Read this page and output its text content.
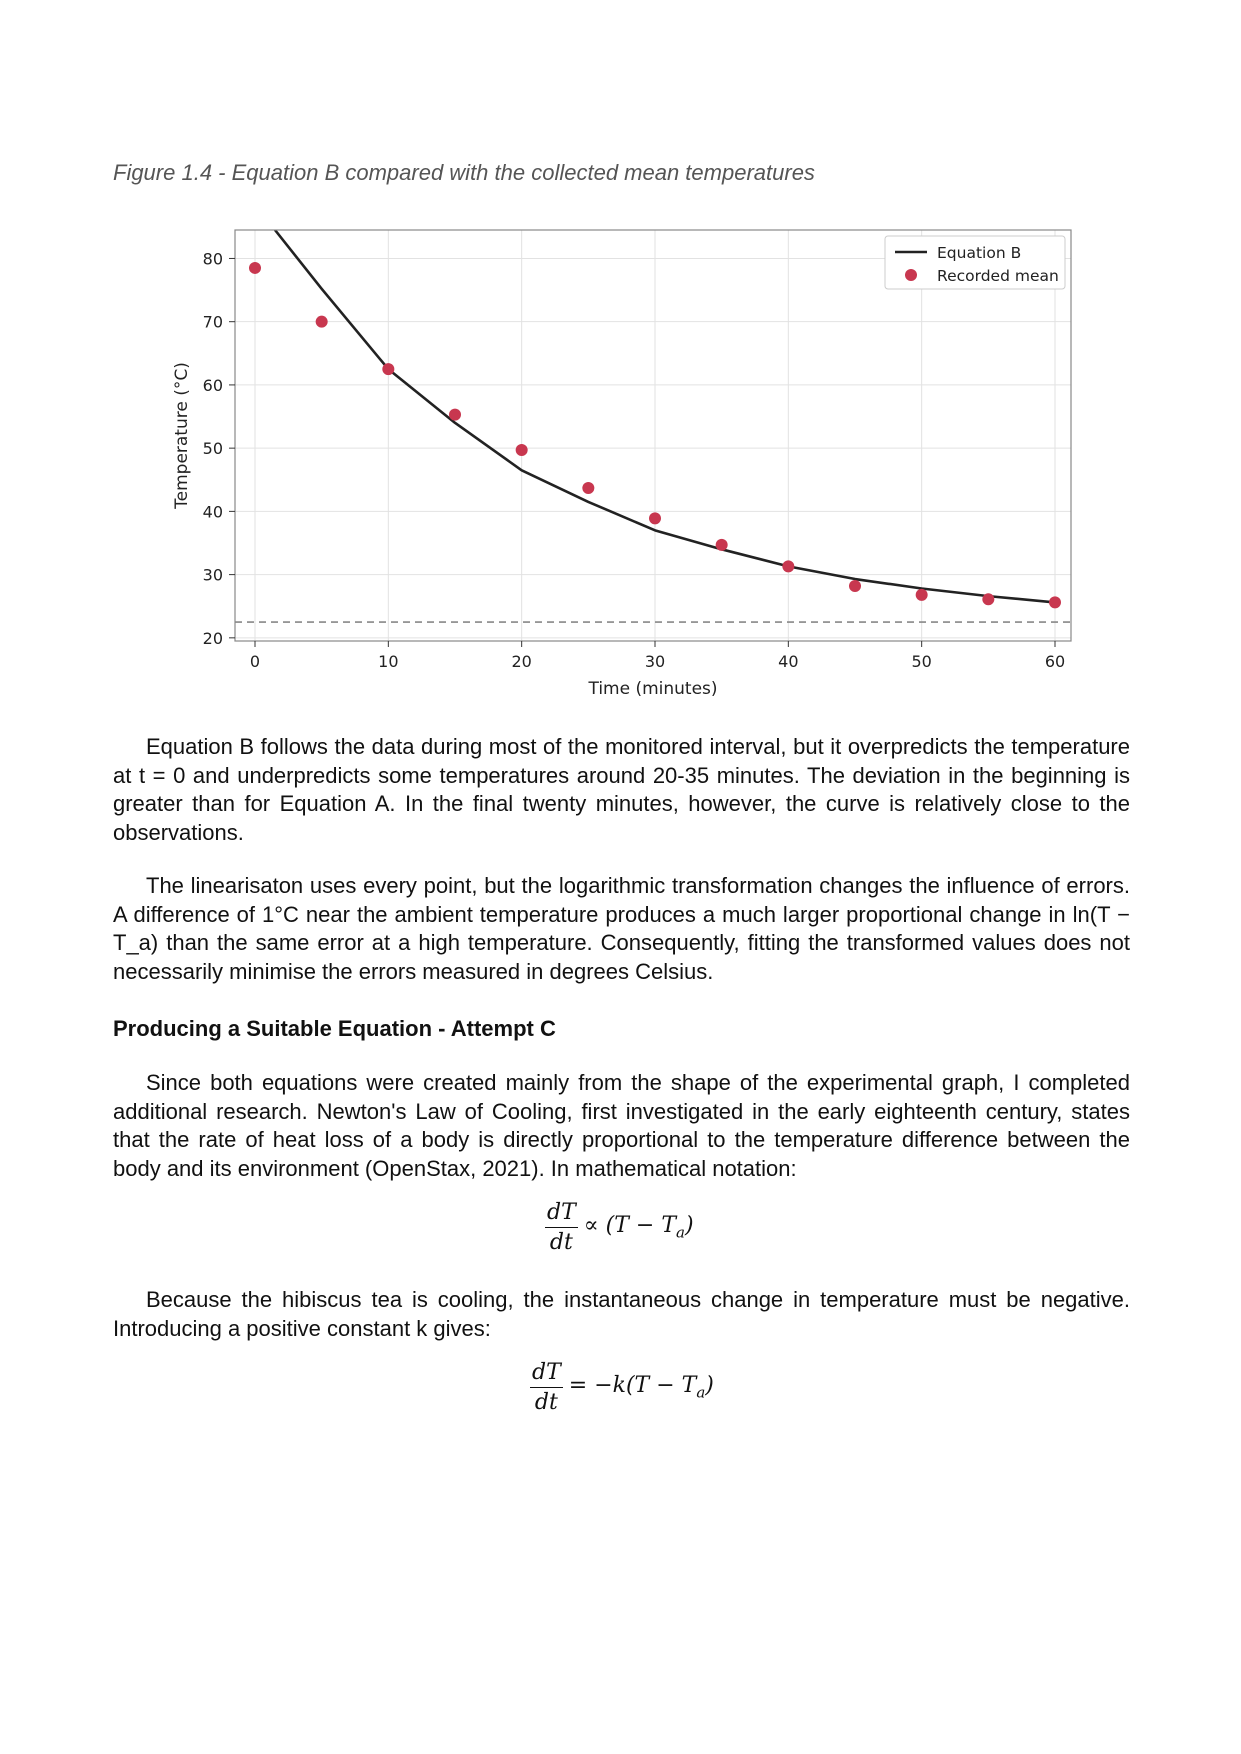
Figure 1.4 - Equation B compared with the collected mean temperatures
0	10	20	30	40	50	60
20
30
40
50
60
70
80
Time (minutes)
Temperature (°C)
Equation B
Recorded mean

Equation B follows the data during most of the monitored interval, but it overpredicts the temperature at t = 0 and underpredicts some temperatures around 20-35 minutes. The deviation in the beginning is greater than for Equation A. In the final twenty minutes, however, the curve is relatively close to the observations.

The linearisaton uses every point, but the logarithmic transformation changes the influence of errors. A difference of 1°C near the ambient temperature produces a much larger proportional change in ln(T − T_a) than the same error at a high temperature. Consequently, fitting the transformed values does not necessarily minimise the errors measured in degrees Celsius.

Producing a Suitable Equation - Attempt C

Since both equations were created mainly from the shape of the experimental graph, I completed additional research. Newton's Law of Cooling, first investigated in the early eighteenth century, states that the rate of heat loss of a body is directly proportional to the temperature difference between the body and its environment (OpenStax, 2021). In mathematical notation:

$\frac{dT}{dt} \propto (T - T_a)$

Because the hibiscus tea is cooling, the instantaneous change in temperature must be negative. Introducing a positive constant k gives:

$\frac{dT}{dt} = -k(T - T_a)$
